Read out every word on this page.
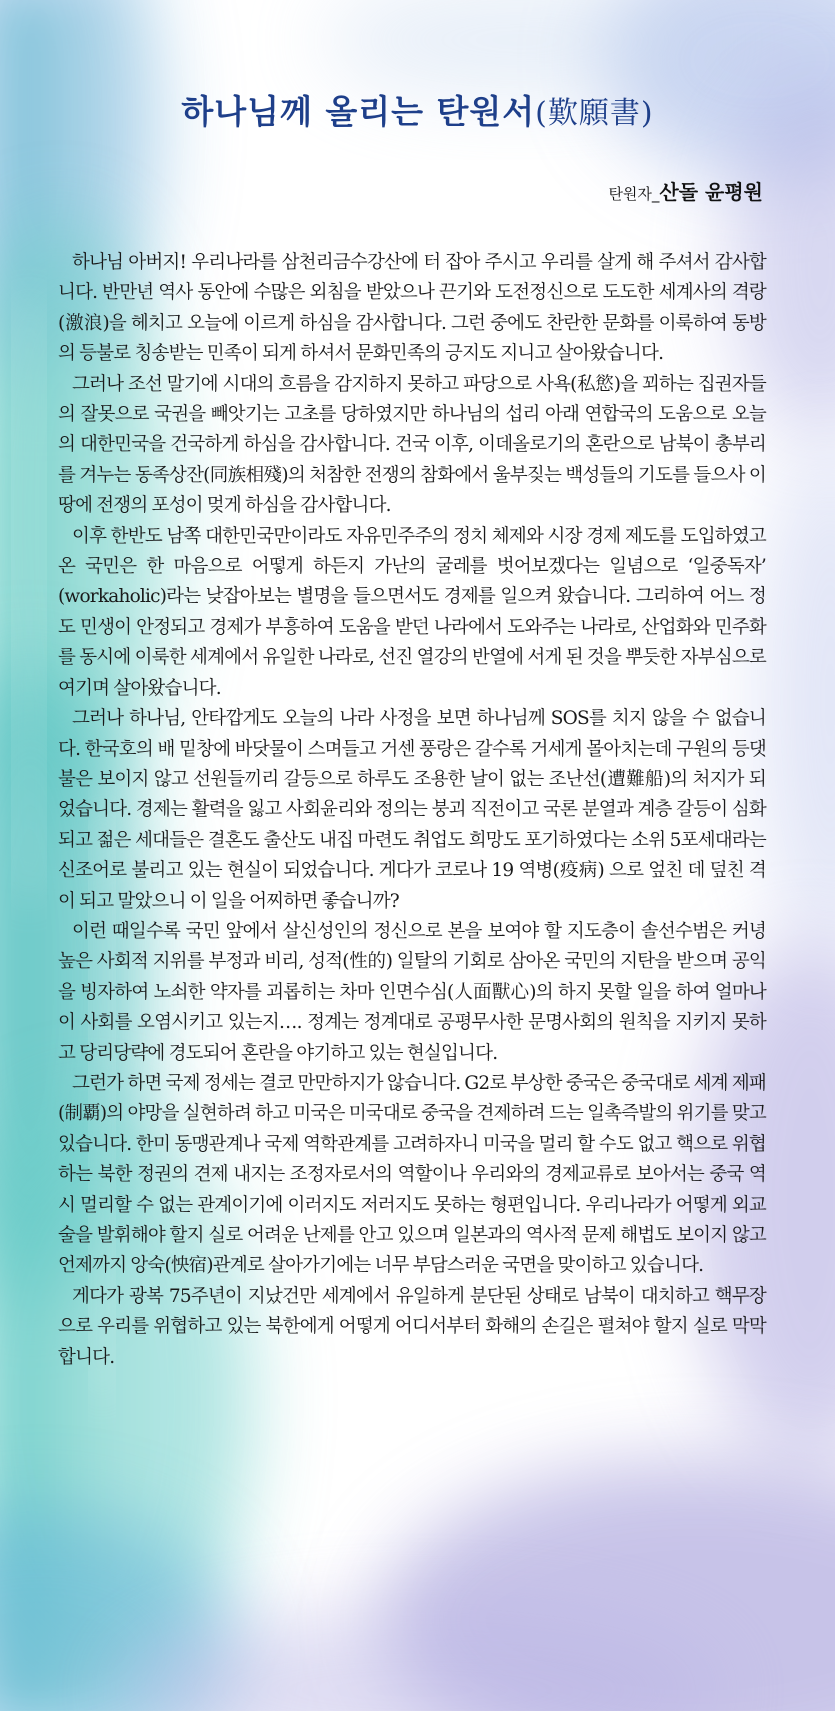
하나님께 올리는 탄원서(歎願書)
탄원자_산돌 윤평원

하나님 아버지! 우리나라를 삼천리금수강산에 터 잡아 주시고 우리를 살게 해 주셔서 감사합니다. 반만년 역사 동안에 수많은 외침을 받았으나 끈기와 도전정신으로 도도한 세계사의 격랑(激浪)을 헤치고 오늘에 이르게 하심을 감사합니다. 그런 중에도 찬란한 문화를 이룩하여 동방의 등불로 칭송받는 민족이 되게 하셔서 문화민족의 긍지도 지니고 살아왔습니다.

그러나 조선 말기에 시대의 흐름을 감지하지 못하고 파당으로 사욕(私慾)을 꾀하는 집권자들의 잘못으로 국권을 빼앗기는 고초를 당하였지만 하나님의 섭리 아래 연합국의 도움으로 오늘의 대한민국을 건국하게 하심을 감사합니다. 건국 이후, 이데올로기의 혼란으로 남북이 총부리를 겨누는 동족상잔(同族相殘)의 처참한 전쟁의 참화에서 울부짖는 백성들의 기도를 들으사 이 땅에 전쟁의 포성이 멎게 하심을 감사합니다.

이후 한반도 남쪽 대한민국만이라도 자유민주주의 정치 체제와 시장 경제 제도를 도입하였고 온 국민은 한 마음으로 어떻게 하든지 가난의 굴레를 벗어보겠다는 일념으로 ‘일중독자’ (workaholic)라는 낮잡아보는 별명을 들으면서도 경제를 일으켜 왔습니다. 그리하여 어느 정도 민생이 안정되고 경제가 부흥하여 도움을 받던 나라에서 도와주는 나라로, 산업화와 민주화를 동시에 이룩한 세계에서 유일한 나라로, 선진 열강의 반열에 서게 된 것을 뿌듯한 자부심으로 여기며 살아왔습니다.

그러나 하나님, 안타깝게도 오늘의 나라 사정을 보면 하나님께 SOS를 치지 않을 수 없습니다. 한국호의 배 밑창에 바닷물이 스며들고 거센 풍랑은 갈수록 거세게 몰아치는데 구원의 등댓불은 보이지 않고 선원들끼리 갈등으로 하루도 조용한 날이 없는 조난선(遭難船)의 처지가 되었습니다. 경제는 활력을 잃고 사회윤리와 정의는 붕괴 직전이고 국론 분열과 계층 갈등이 심화되고 젊은 세대들은 결혼도 출산도 내집 마련도 취업도 희망도 포기하였다는 소위 5포세대라는 신조어로 불리고 있는 현실이 되었습니다. 게다가 코로나 19 역병(疫病) 으로 엎친 데 덮친 격이 되고 말았으니 이 일을 어찌하면 좋습니까?

이런 때일수록 국민 앞에서 살신성인의 정신으로 본을 보여야 할 지도층이 솔선수범은 커녕 높은 사회적 지위를 부정과 비리, 성적(性的) 일탈의 기회로 삼아온 국민의 지탄을 받으며 공익을 빙자하여 노쇠한 약자를 괴롭히는 차마 인면수심(人面獸心)의 하지 못할 일을 하여 얼마나 이 사회를 오염시키고 있는지…. 정계는 정계대로 공평무사한 문명사회의 원칙을 지키지 못하고 당리당략에 경도되어 혼란을 야기하고 있는 현실입니다.

그런가 하면 국제 정세는 결코 만만하지가 않습니다. G2로 부상한 중국은 중국대로 세계 제패(制覇)의 야망을 실현하려 하고 미국은 미국대로 중국을 견제하려 드는 일촉즉발의 위기를 맞고 있습니다. 한미 동맹관계나 국제 역학관계를 고려하자니 미국을 멀리 할 수도 없고 핵으로 위협하는 북한 정권의 견제 내지는 조정자로서의 역할이나 우리와의 경제교류로 보아서는 중국 역시 멀리할 수 없는 관계이기에 이러지도 저러지도 못하는 형편입니다. 우리나라가 어떻게 외교술을 발휘해야 할지 실로 어려운 난제를 안고 있으며 일본과의 역사적 문제 해법도 보이지 않고 언제까지 앙숙(怏宿)관계로 살아가기에는 너무 부담스러운 국면을 맞이하고 있습니다.

게다가 광복 75주년이 지났건만 세계에서 유일하게 분단된 상태로 남북이 대치하고 핵무장으로 우리를 위협하고 있는 북한에게 어떻게 어디서부터 화해의 손길은 펼쳐야 할지 실로 막막합니다.
